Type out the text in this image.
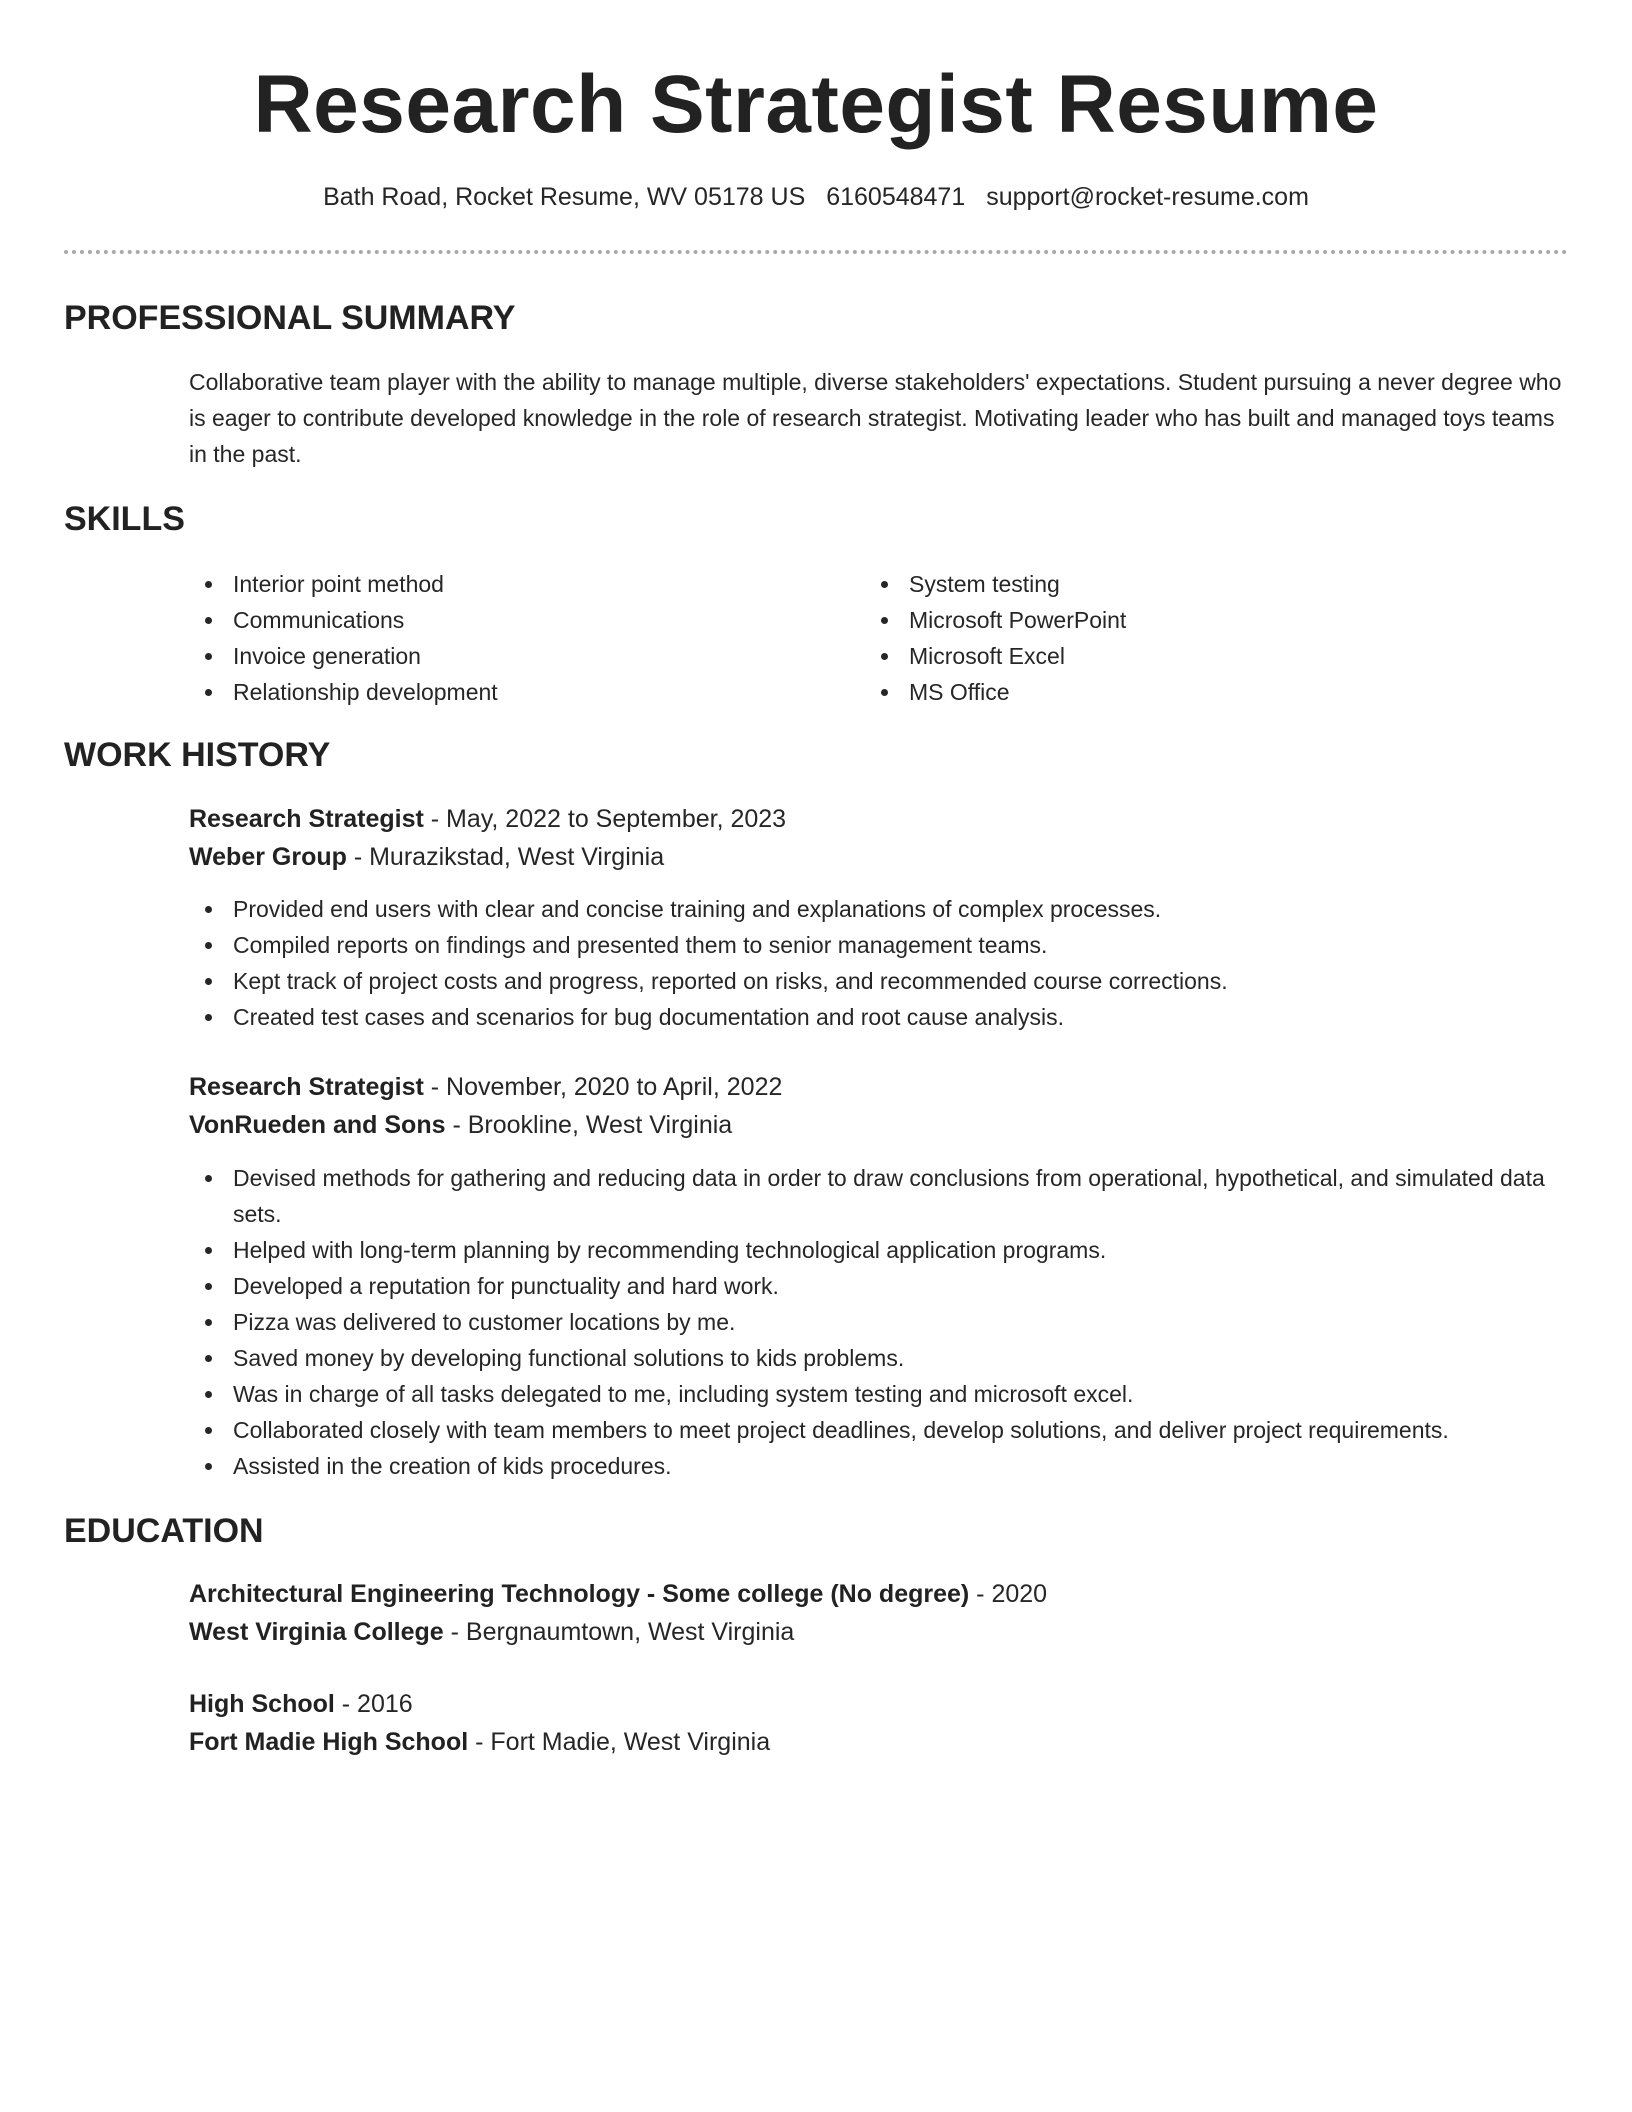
Research Strategist Resume
Bath Road, Rocket Resume, WV 05178 US 6160548471 support@rocket-resume.com
PROFESSIONAL SUMMARY
Collaborative team player with the ability to manage multiple, diverse stakeholders' expectations. Student pursuing a never degree who is eager to contribute developed knowledge in the role of research strategist. Motivating leader who has built and managed toys teams in the past.
SKILLS
Interior point method
Communications
Invoice generation
Relationship development
System testing
Microsoft PowerPoint
Microsoft Excel
MS Office
WORK HISTORY
Research Strategist - May, 2022 to September, 2023
Weber Group - Murazikstad, West Virginia
Provided end users with clear and concise training and explanations of complex processes.
Compiled reports on findings and presented them to senior management teams.
Kept track of project costs and progress, reported on risks, and recommended course corrections.
Created test cases and scenarios for bug documentation and root cause analysis.
Research Strategist - November, 2020 to April, 2022
VonRueden and Sons - Brookline, West Virginia
Devised methods for gathering and reducing data in order to draw conclusions from operational, hypothetical, and simulated data sets.
Helped with long-term planning by recommending technological application programs.
Developed a reputation for punctuality and hard work.
Pizza was delivered to customer locations by me.
Saved money by developing functional solutions to kids problems.
Was in charge of all tasks delegated to me, including system testing and microsoft excel.
Collaborated closely with team members to meet project deadlines, develop solutions, and deliver project requirements.
Assisted in the creation of kids procedures.
EDUCATION
Architectural Engineering Technology - Some college (No degree) - 2020
West Virginia College - Bergnaumtown, West Virginia
High School - 2016
Fort Madie High School - Fort Madie, West Virginia
